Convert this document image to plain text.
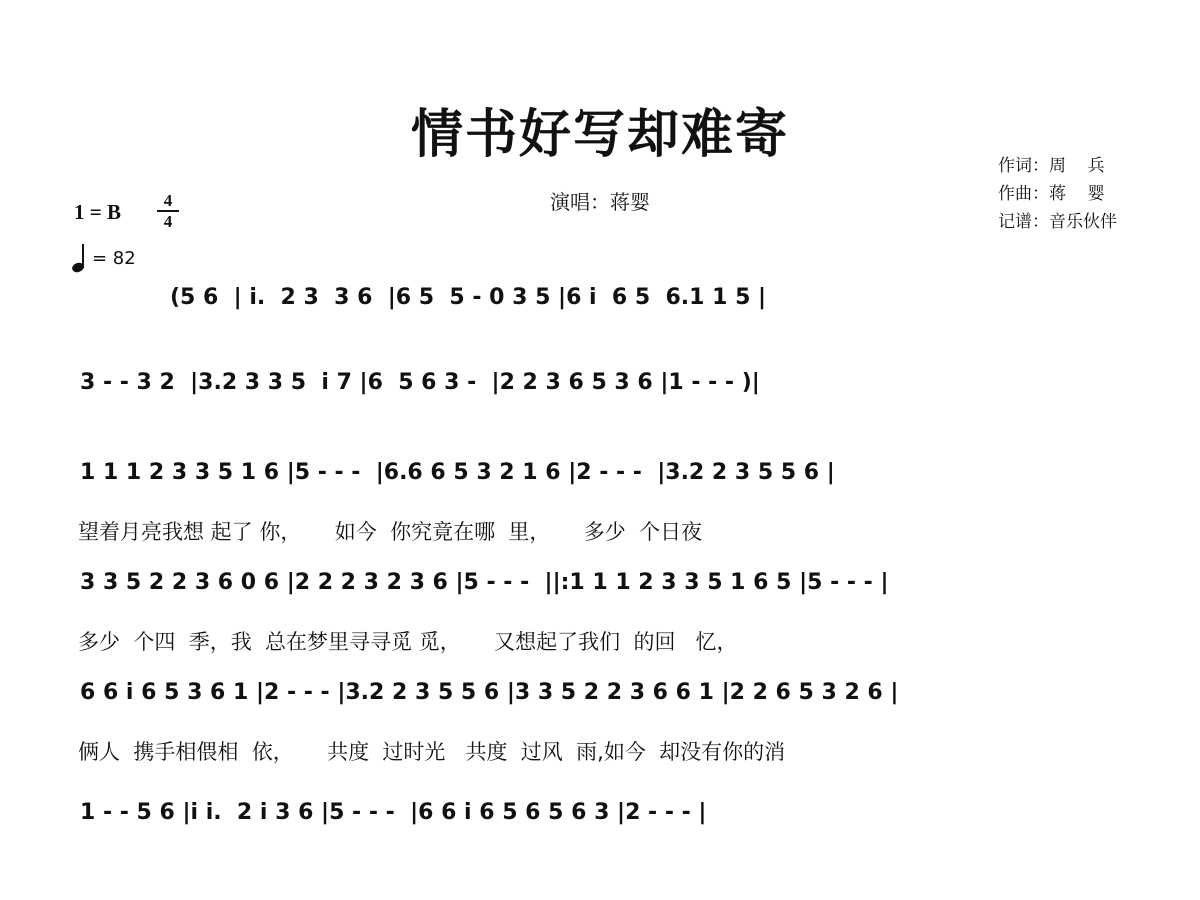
情书好写却难寄
演唱：蒋婴
作词：周    兵
作曲：蒋    婴
记谱：音乐伙伴
1 = B	4
4
= 82
(5 6  | i.  2 3  3 6  |6 5  5 - 0 3 5 |6 i  6 5  6.1 1 5 |
3 - - 3 2  |3.2 3 3 5  i 7 |6  5 6 3 -  |2 2 3 6 5 3 6 |1 - - - )|
1 1 1 2 3 3 5 1 6 |5 - - -  |6.6 6 5 3 2 1 6 |2 - - -  |3.2 2 3 5 5 6 |
望着月亮我想 起了 你，     如今  你究竟在哪  里，     多少  个日夜
3 3 5 2 2 3 6 0 6 |2 2 2 3 2 3 6 |5 - - -  ||:1 1 1 2 3 3 5 1 6 5 |5 - - - |
多少  个四  季，我  总在梦里寻寻觅 觅，     又想起了我们  的回   忆，
6 6 i 6 5 3 6 1 |2 - - - |3.2 2 3 5 5 6 |3 3 5 2 2 3 6 6 1 |2 2 6 5 3 2 6 |
俩人  携手相偎相  依，     共度  过时光   共度  过风  雨,如今  却没有你的消
1 - - 5 6 |i i.  2 i 3 6 |5 - - -  |6 6 i 6 5 6 5 6 3 |2 - - - |
